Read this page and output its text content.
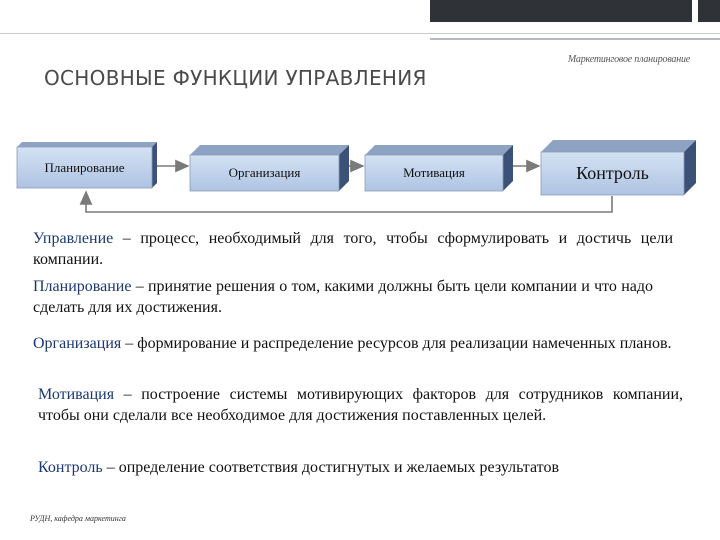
Маркетинговое планирование
ОСНОВНЫЕ ФУНКЦИИ УПРАВЛЕНИЯ
Планирование	Организация	Мотивация	Контроль
Управление – процесс, необходимый для того, чтобы сформулировать и достичь цели компании.
Планирование – принятие решения о том, какими должны быть цели компании и что надо сделать для их достижения.
Организация – формирование и распределение ресурсов для реализации намеченных планов.
Мотивация – построение системы мотивирующих факторов для сотрудников компании, чтобы они сделали все необходимое для достижения поставленных целей.
Контроль – определение соответствия достигнутых и желаемых результатов
РУДН, кафедра маркетинга
